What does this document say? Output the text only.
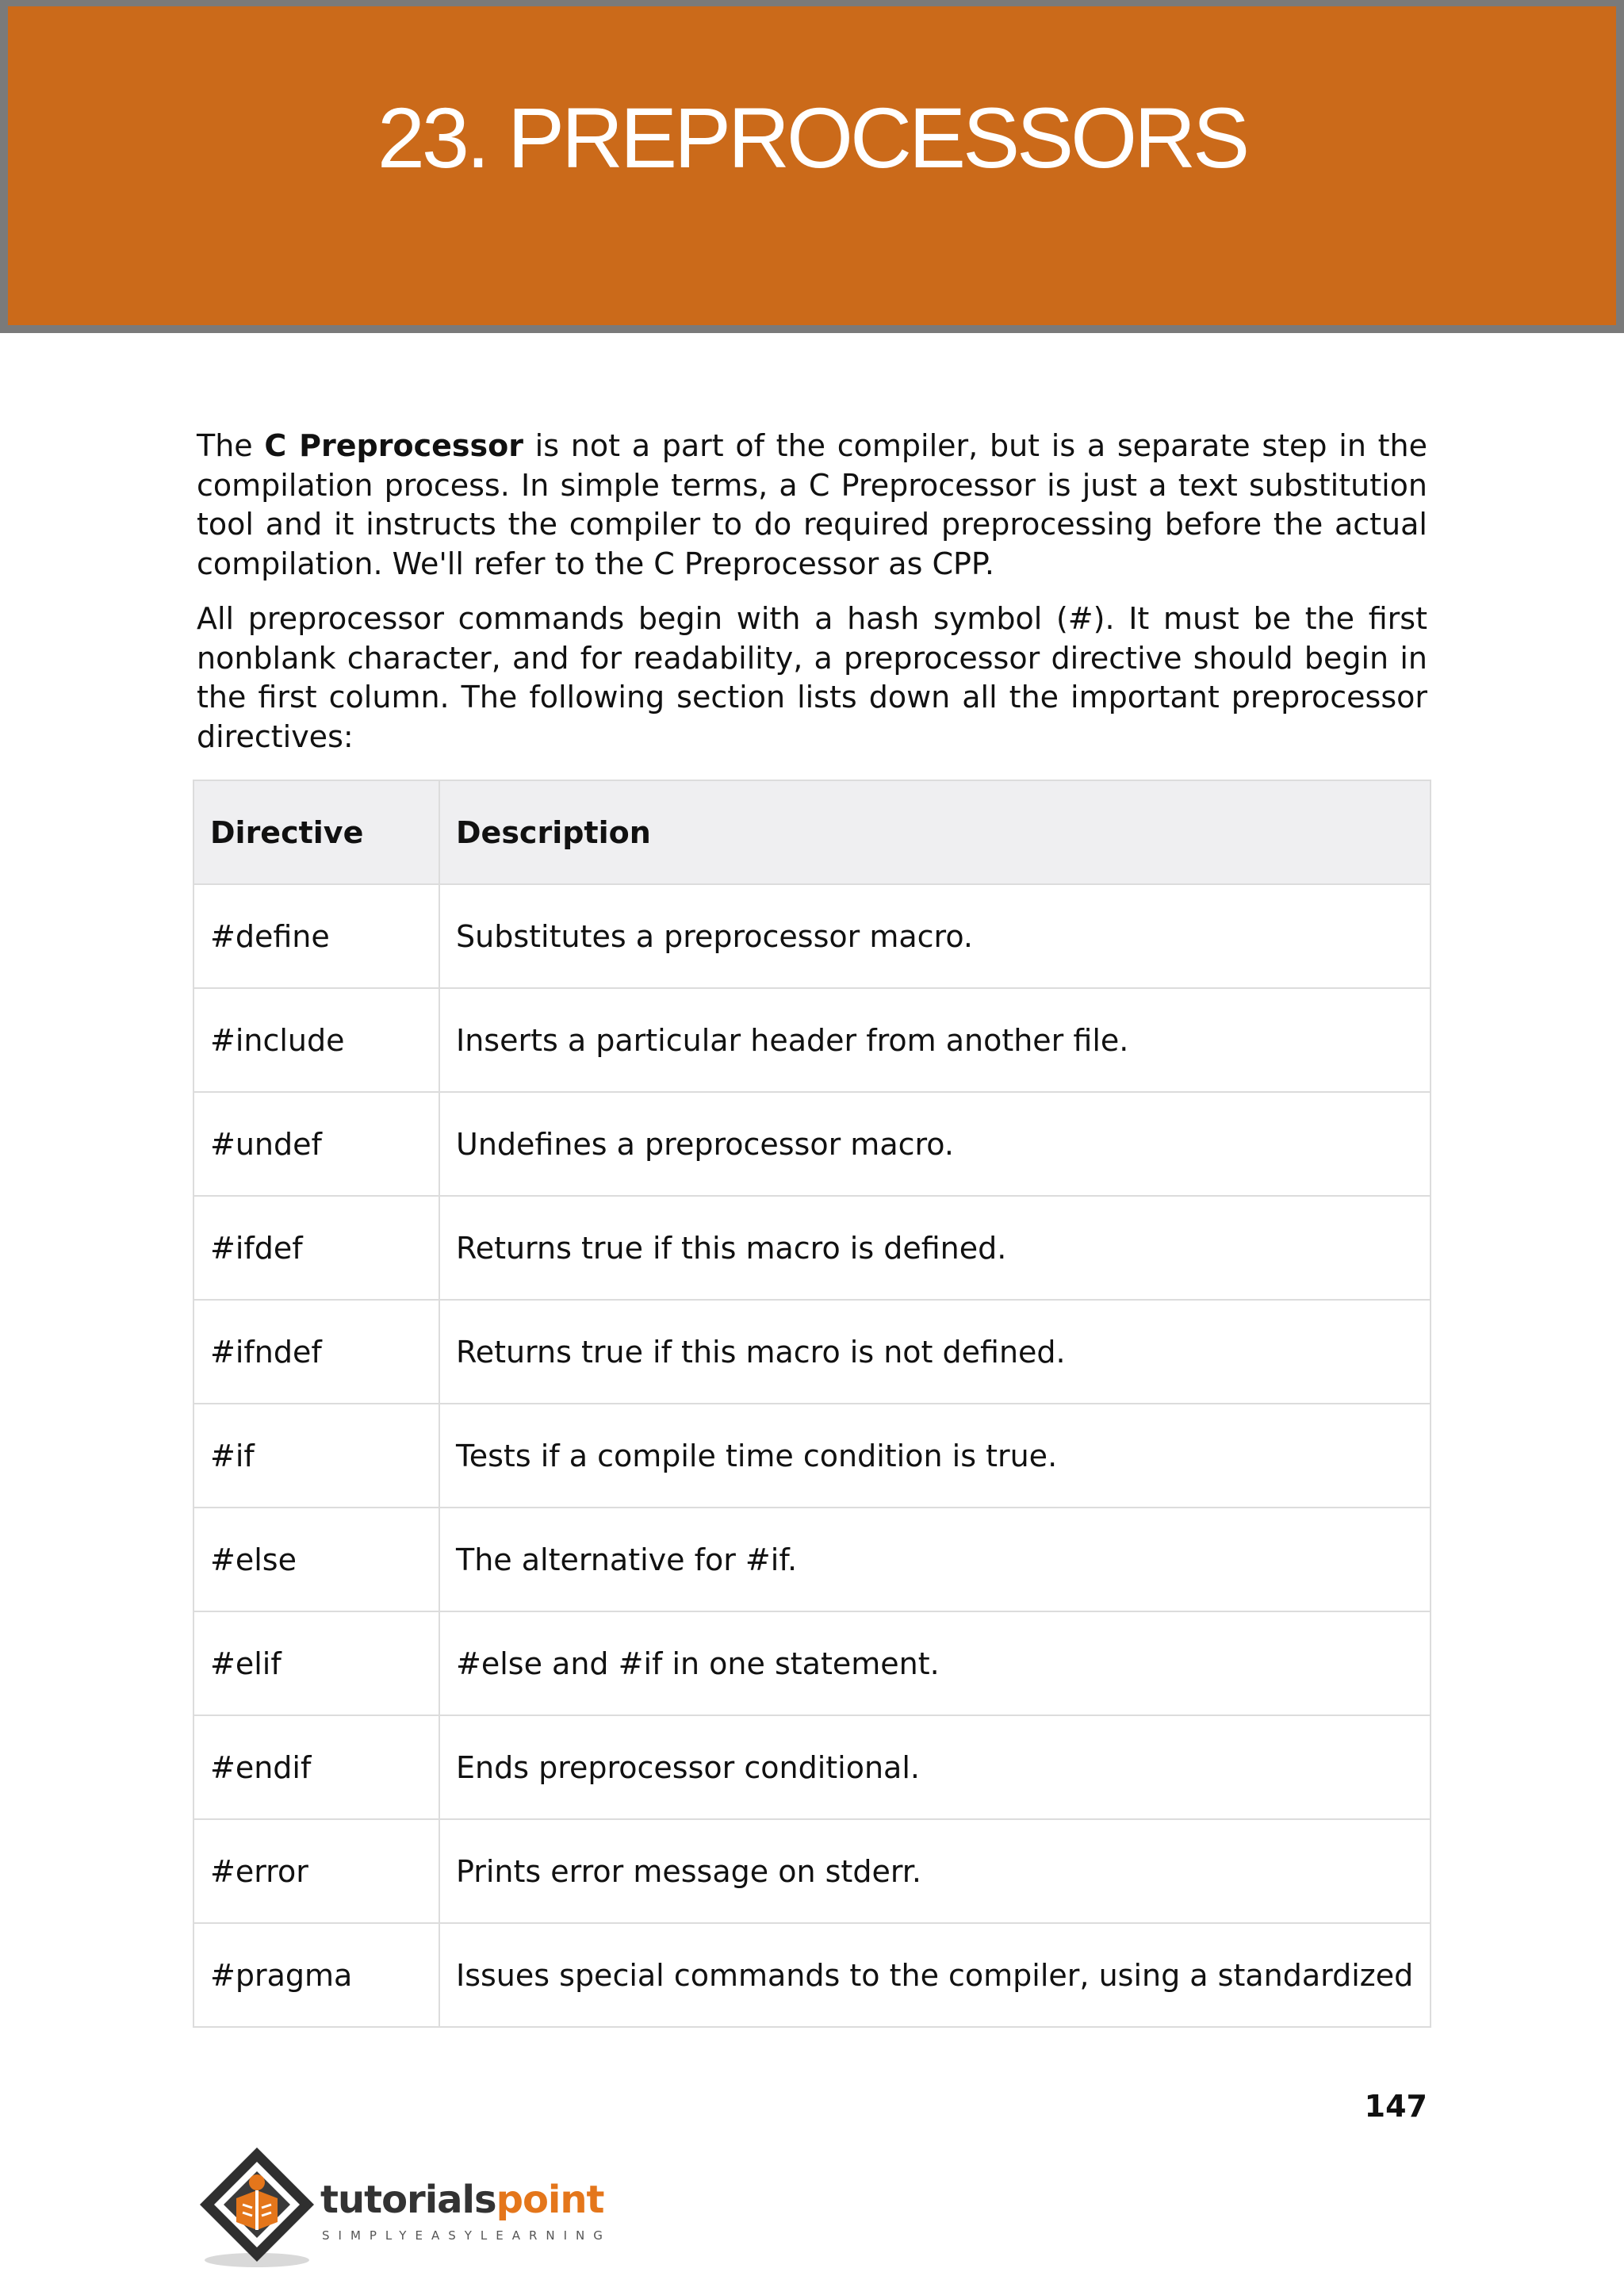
23. PREPROCESSORS

The C Preprocessor is not a part of the compiler, but is a separate step in the compilation process. In simple terms, a C Preprocessor is just a text substitution tool and it instructs the compiler to do required preprocessing before the actual compilation. We'll refer to the C Preprocessor as CPP.

All preprocessor commands begin with a hash symbol (#). It must be the first nonblank character, and for readability, a preprocessor directive should begin in the first column. The following section lists down all the important preprocessor directives:

Directive	Description
#define	Substitutes a preprocessor macro.
#include	Inserts a particular header from another file.
#undef	Undefines a preprocessor macro.
#ifdef	Returns true if this macro is defined.
#ifndef	Returns true if this macro is not defined.
#if	Tests if a compile time condition is true.
#else	The alternative for #if.
#elif	#else and #if in one statement.
#endif	Ends preprocessor conditional.
#error	Prints error message on stderr.
#pragma	Issues special commands to the compiler, using a standardized
147
tutorialspoint
SIMPLYEASYLEARNING
